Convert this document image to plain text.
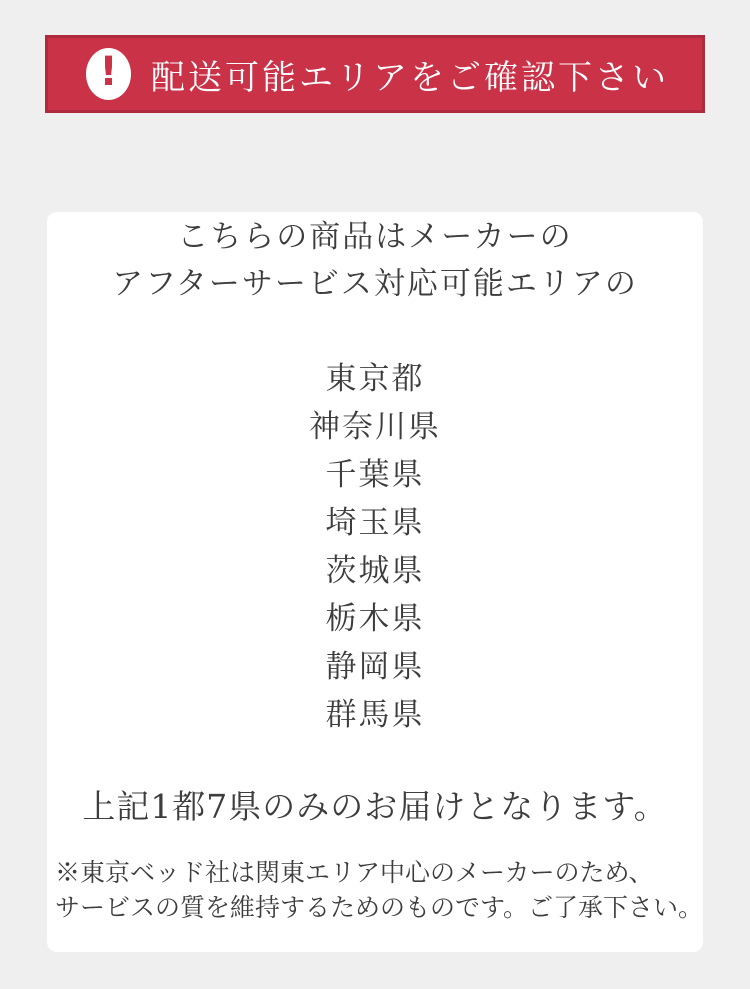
! 配送可能エリアをご確認下さい
こちらの商品はメーカーの
アフターサービス対応可能エリアの
東京都
神奈川県
千葉県
埼玉県
茨城県
栃木県
静岡県
群馬県
上記1都7県のみのお届けとなります。
※東京ベッド社は関東エリア中心のメーカーのため、
サービスの質を維持するためのものです。ご了承下さい。
